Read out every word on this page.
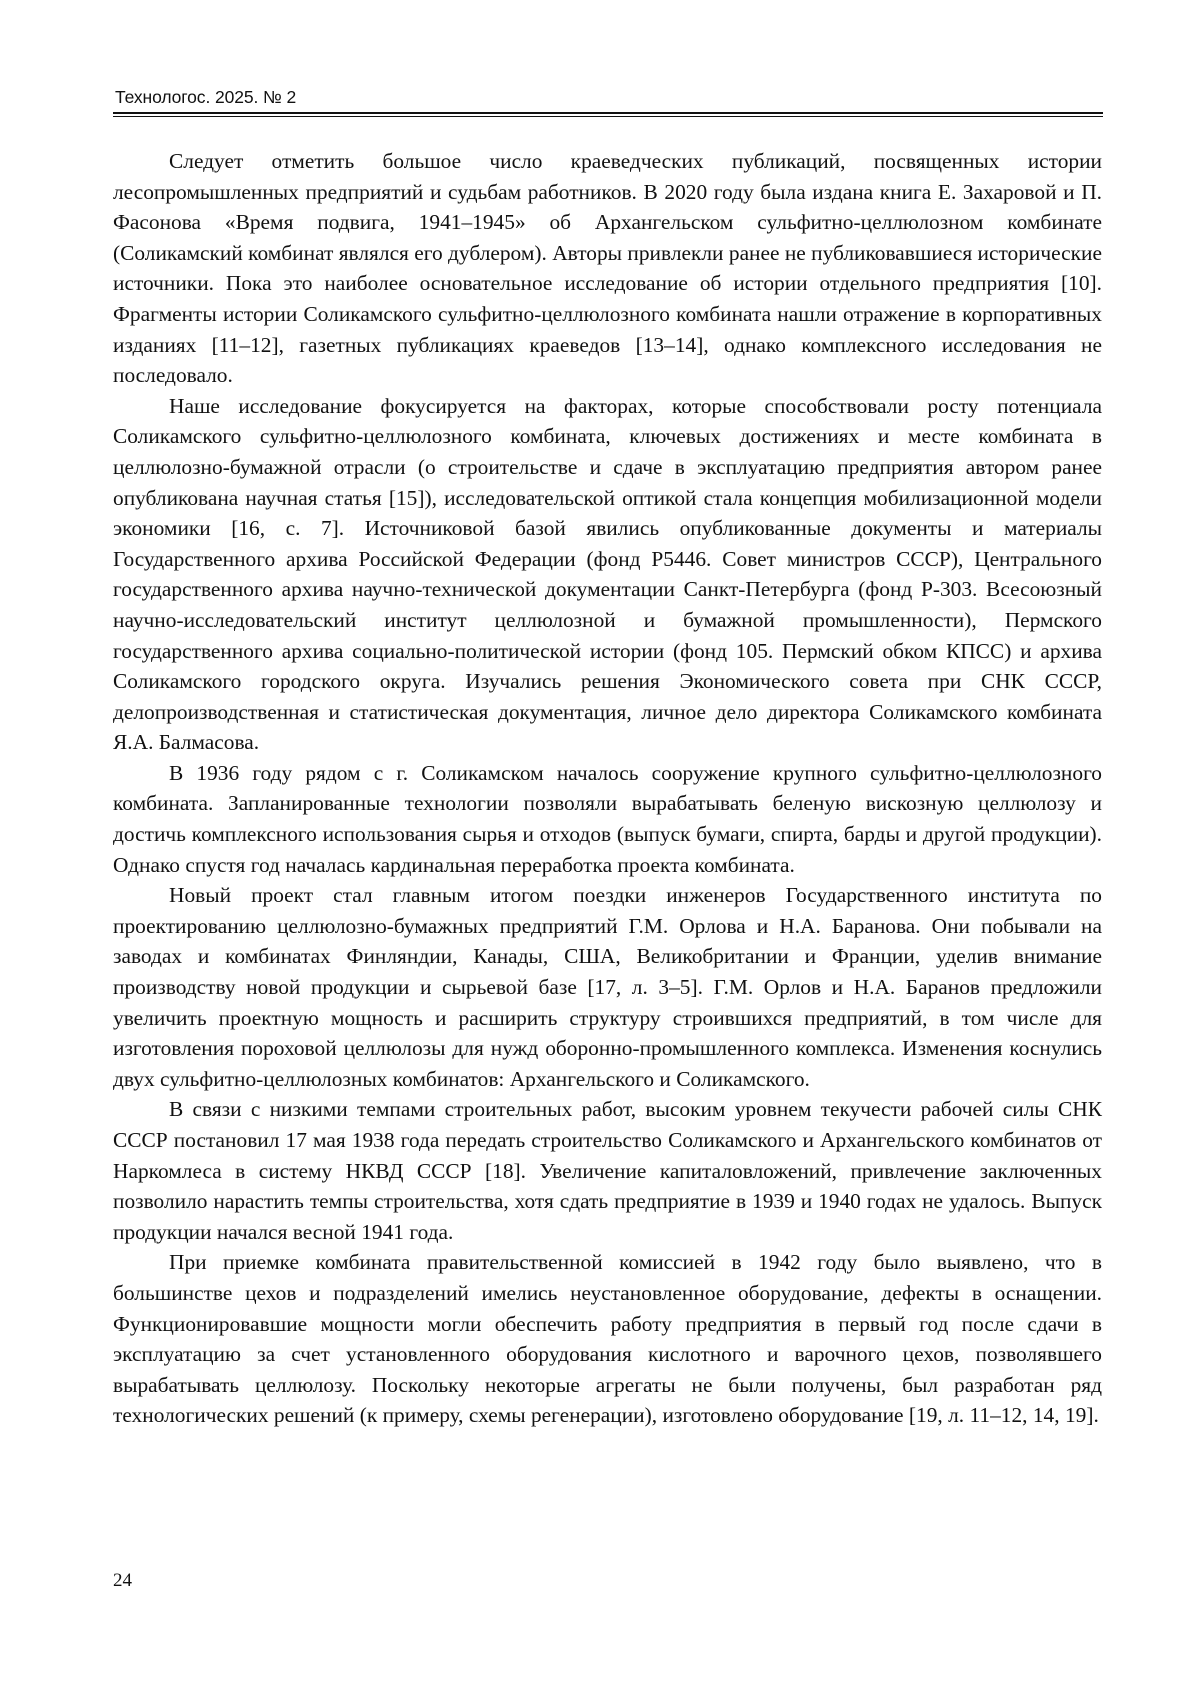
Технологос. 2025. № 2

Следует отметить большое число краеведческих публикаций, посвященных истории лесопромышленных предприятий и судьбам работников. В 2020 году была издана книга Е. Захаровой и П. Фасонова «Время подвига, 1941–1945» об Архангельском сульфитно-целлюлозном комбинате (Соликамский комбинат являлся его дублером). Авторы привлекли ранее не публиковавшиеся исторические источники. Пока это наиболее основательное исследование об истории отдельного предприятия [10]. Фрагменты истории Соликамского сульфитно-целлюлозного комбината нашли отражение в корпоративных изданиях [11–12], газетных публикациях краеведов [13–14], однако комплексного исследования не последовало.

Наше исследование фокусируется на факторах, которые способствовали росту потенциала Соликамского сульфитно-целлюлозного комбината, ключевых достижениях и месте комбината в целлюлозно-бумажной отрасли (о строительстве и сдаче в эксплуатацию предприятия автором ранее опубликована научная статья [15]), исследовательской оптикой стала концепция мобилизационной модели экономики [16, с. 7]. Источниковой базой явились опубликованные документы и материалы Государственного архива Российской Федерации (фонд Р5446. Совет министров СССР), Центрального государственного архива научно-технической документации Санкт-Петербурга (фонд Р-303. Всесоюзный научно-исследовательский институт целлюлозной и бумажной промышленности), Пермского государственного архива социально-политической истории (фонд 105. Пермский обком КПСС) и архива Соликамского городского округа. Изучались решения Экономического совета при СНК СССР, делопроизводственная и статистическая документация, личное дело директора Соликамского комбината Я.А. Балмасова.

В 1936 году рядом с г. Соликамском началось сооружение крупного сульфитно-целлюлозного комбината. Запланированные технологии позволяли вырабатывать беленую вискозную целлюлозу и достичь комплексного использования сырья и отходов (выпуск бумаги, спирта, барды и другой продукции). Однако спустя год началась кардинальная переработка проекта комбината.

Новый проект стал главным итогом поездки инженеров Государственного института по проектированию целлюлозно-бумажных предприятий Г.М. Орлова и Н.А. Баранова. Они побывали на заводах и комбинатах Финляндии, Канады, США, Великобритании и Франции, уделив внимание производству новой продукции и сырьевой базе [17, л. 3–5]. Г.М. Орлов и Н.А. Баранов предложили увеличить проектную мощность и расширить структуру строившихся предприятий, в том числе для изготовления пороховой целлюлозы для нужд оборонно-промышленного комплекса. Изменения коснулись двух сульфитно-целлюлозных комбинатов: Архангельского и Соликамского.

В связи с низкими темпами строительных работ, высоким уровнем текучести рабочей силы СНК СССР постановил 17 мая 1938 года передать строительство Соликамского и Архангельского комбинатов от Наркомлеса в систему НКВД СССР [18]. Увеличение капиталовложений, привлечение заключенных позволило нарастить темпы строительства, хотя сдать предприятие в 1939 и 1940 годах не удалось. Выпуск продукции начался весной 1941 года.

При приемке комбината правительственной комиссией в 1942 году было выявлено, что в большинстве цехов и подразделений имелись неустановленное оборудование, дефекты в оснащении. Функционировавшие мощности могли обеспечить работу предприятия в первый год после сдачи в эксплуатацию за счет установленного оборудования кислотного и варочного цехов, позволявшего вырабатывать целлюлозу. Поскольку некоторые агрегаты не были получены, был разработан ряд технологических решений (к примеру, схемы регенерации), изготовлено оборудование [19, л. 11–12, 14, 19].

24
